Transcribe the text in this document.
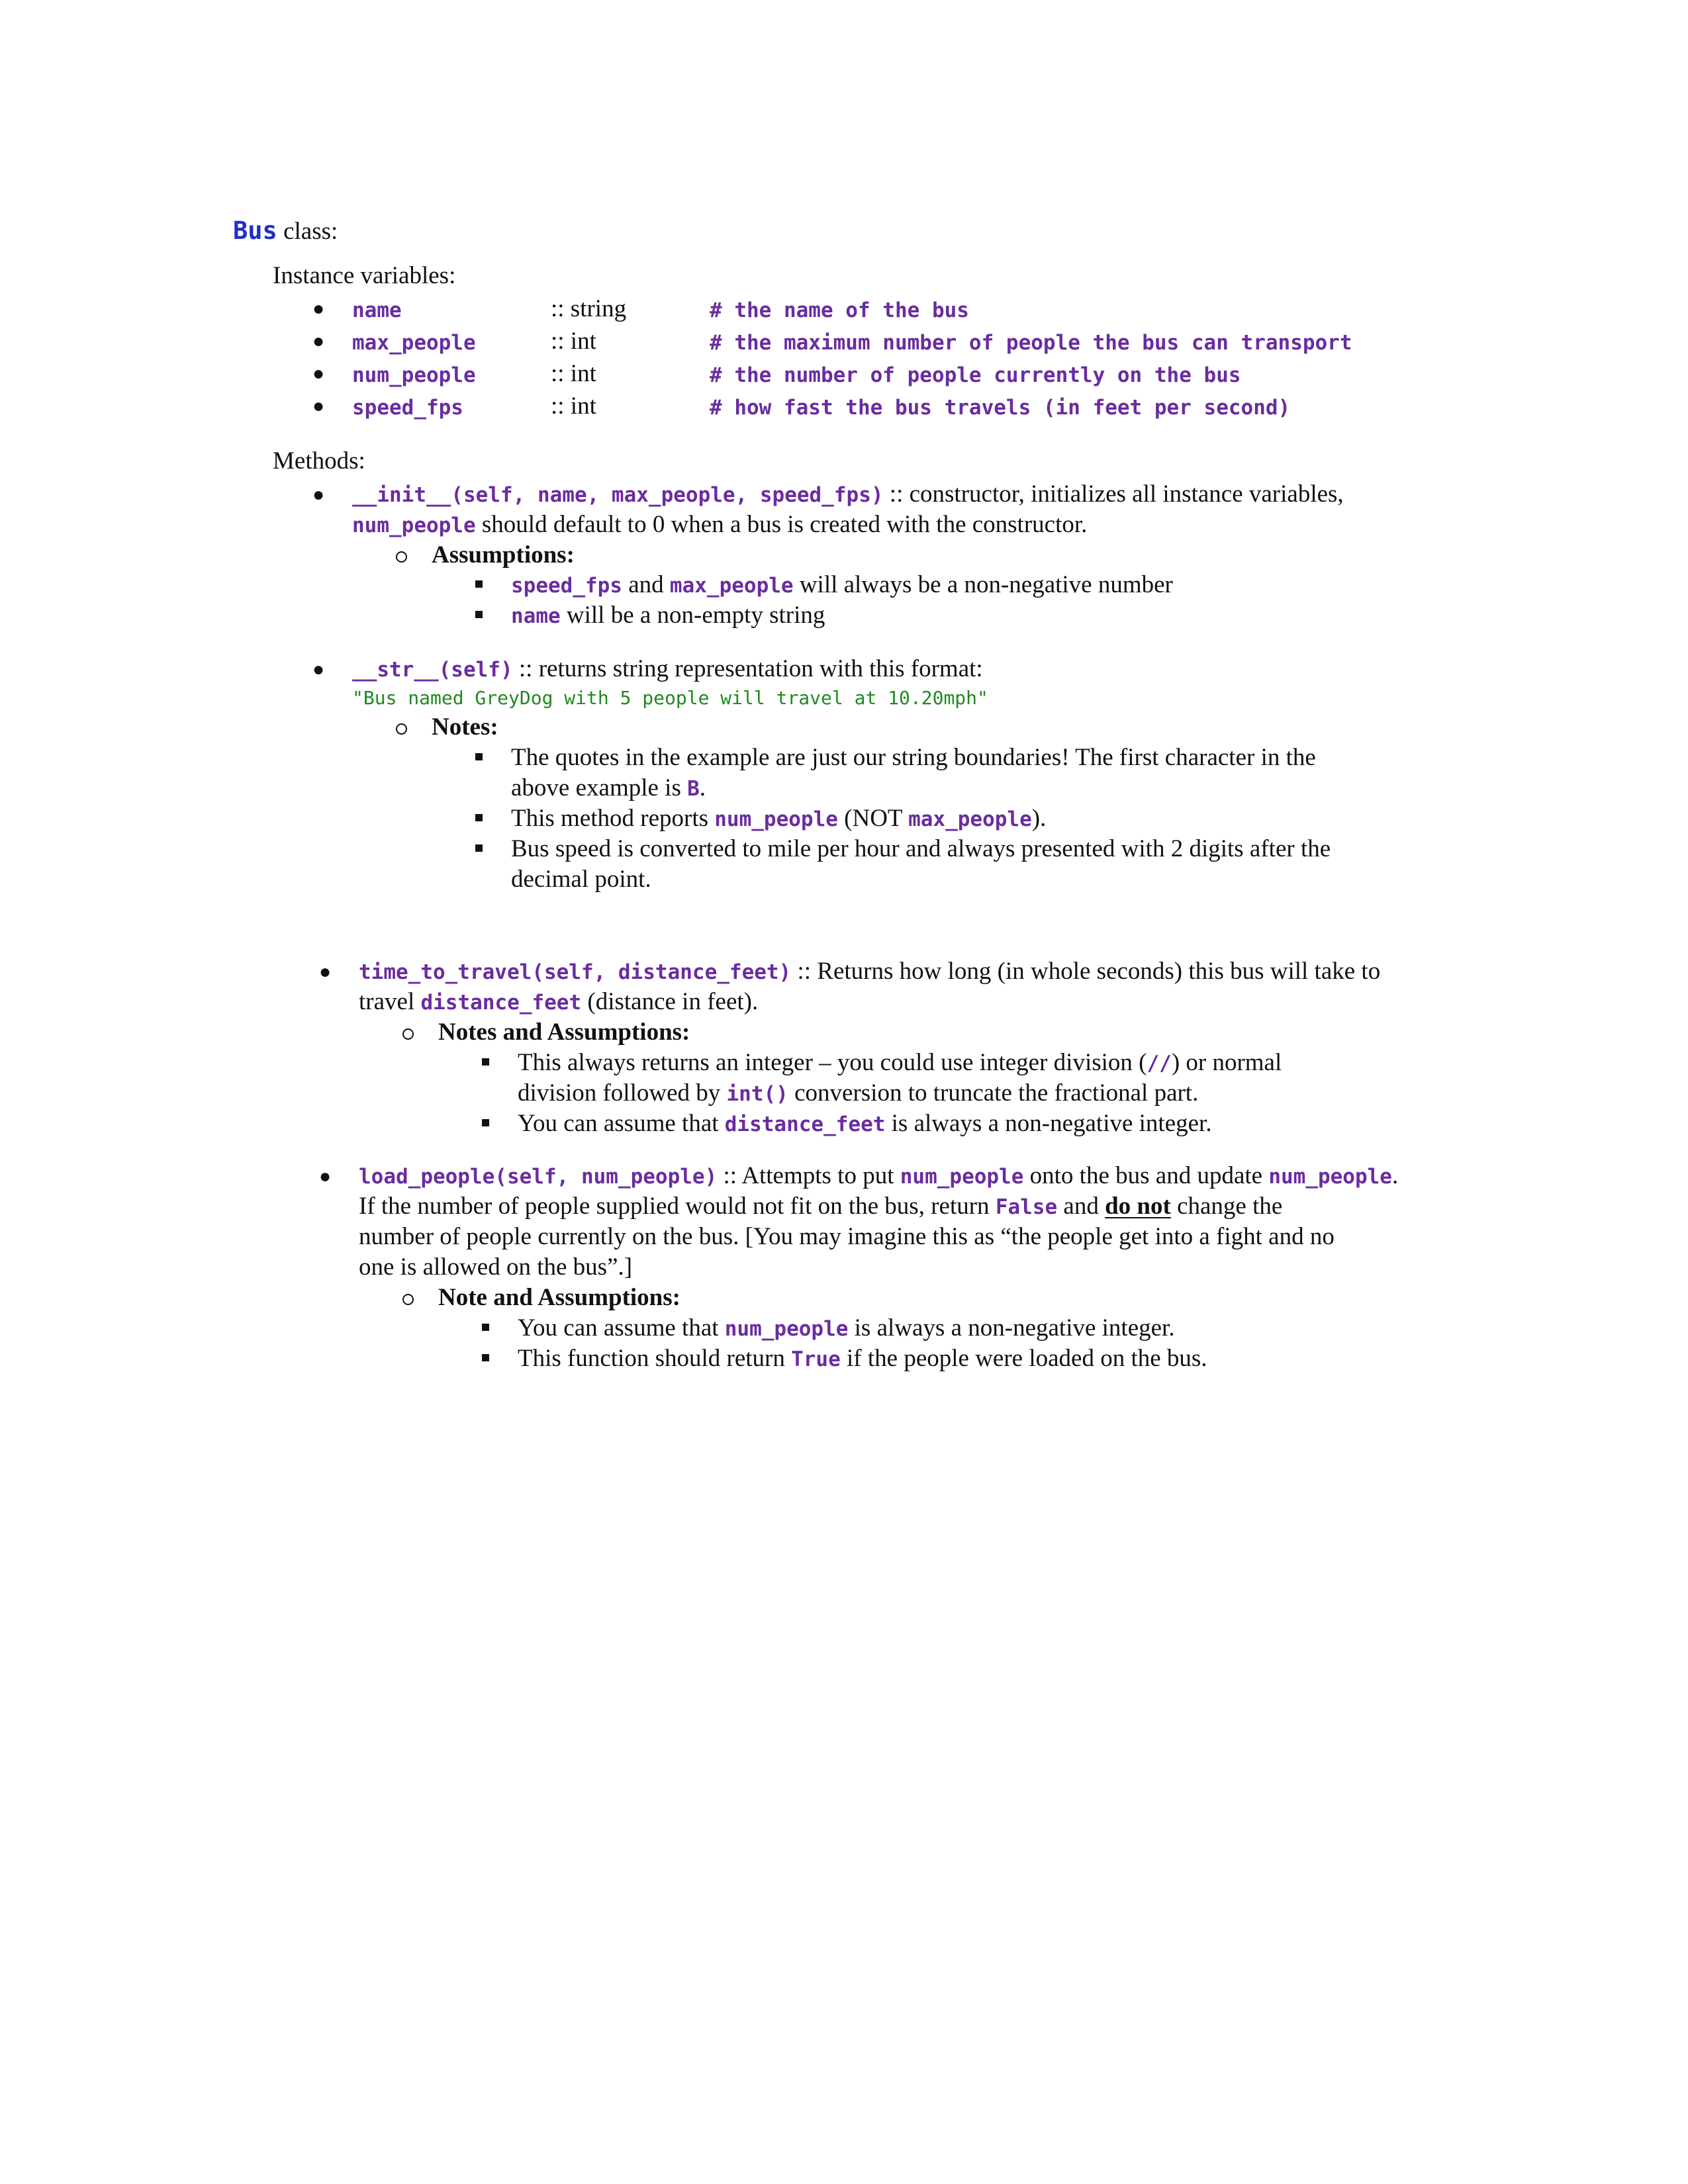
Bus class:
Instance variables:
● name	:: string	# the name of the bus
● max_people	:: int	# the maximum number of people the bus can transport
● num_people	:: int	# the number of people currently on the bus
● speed_fps	:: int	# how fast the bus travels (in feet per second)
Methods:
● __init__(self, name, max_people, speed_fps) :: constructor, initializes all instance variables,
num_people should default to 0 when a bus is created with the constructor.
Assumptions:
speed_fps and max_people will always be a non-negative number
name will be a non-empty string
● __str__(self) :: returns string representation with this format:
"Bus named GreyDog with 5 people will travel at 10.20mph"
Notes:
The quotes in the example are just our string boundaries! The first character in the
above example is B.
This method reports num_people (NOT max_people).
Bus speed is converted to mile per hour and always presented with 2 digits after the
decimal point.
● time_to_travel(self, distance_feet) :: Returns how long (in whole seconds) this bus will take to
travel distance_feet (distance in feet).
Notes and Assumptions:
This always returns an integer – you could use integer division (//) or normal
division followed by int() conversion to truncate the fractional part.
You can assume that distance_feet is always a non-negative integer.
● load_people(self, num_people) :: Attempts to put num_people onto the bus and update num_people.
If the number of people supplied would not fit on the bus, return False and do not change the
number of people currently on the bus. [You may imagine this as “the people get into a fight and no
one is allowed on the bus”.]
Note and Assumptions:
You can assume that num_people is always a non-negative integer.
This function should return True if the people were loaded on the bus.
